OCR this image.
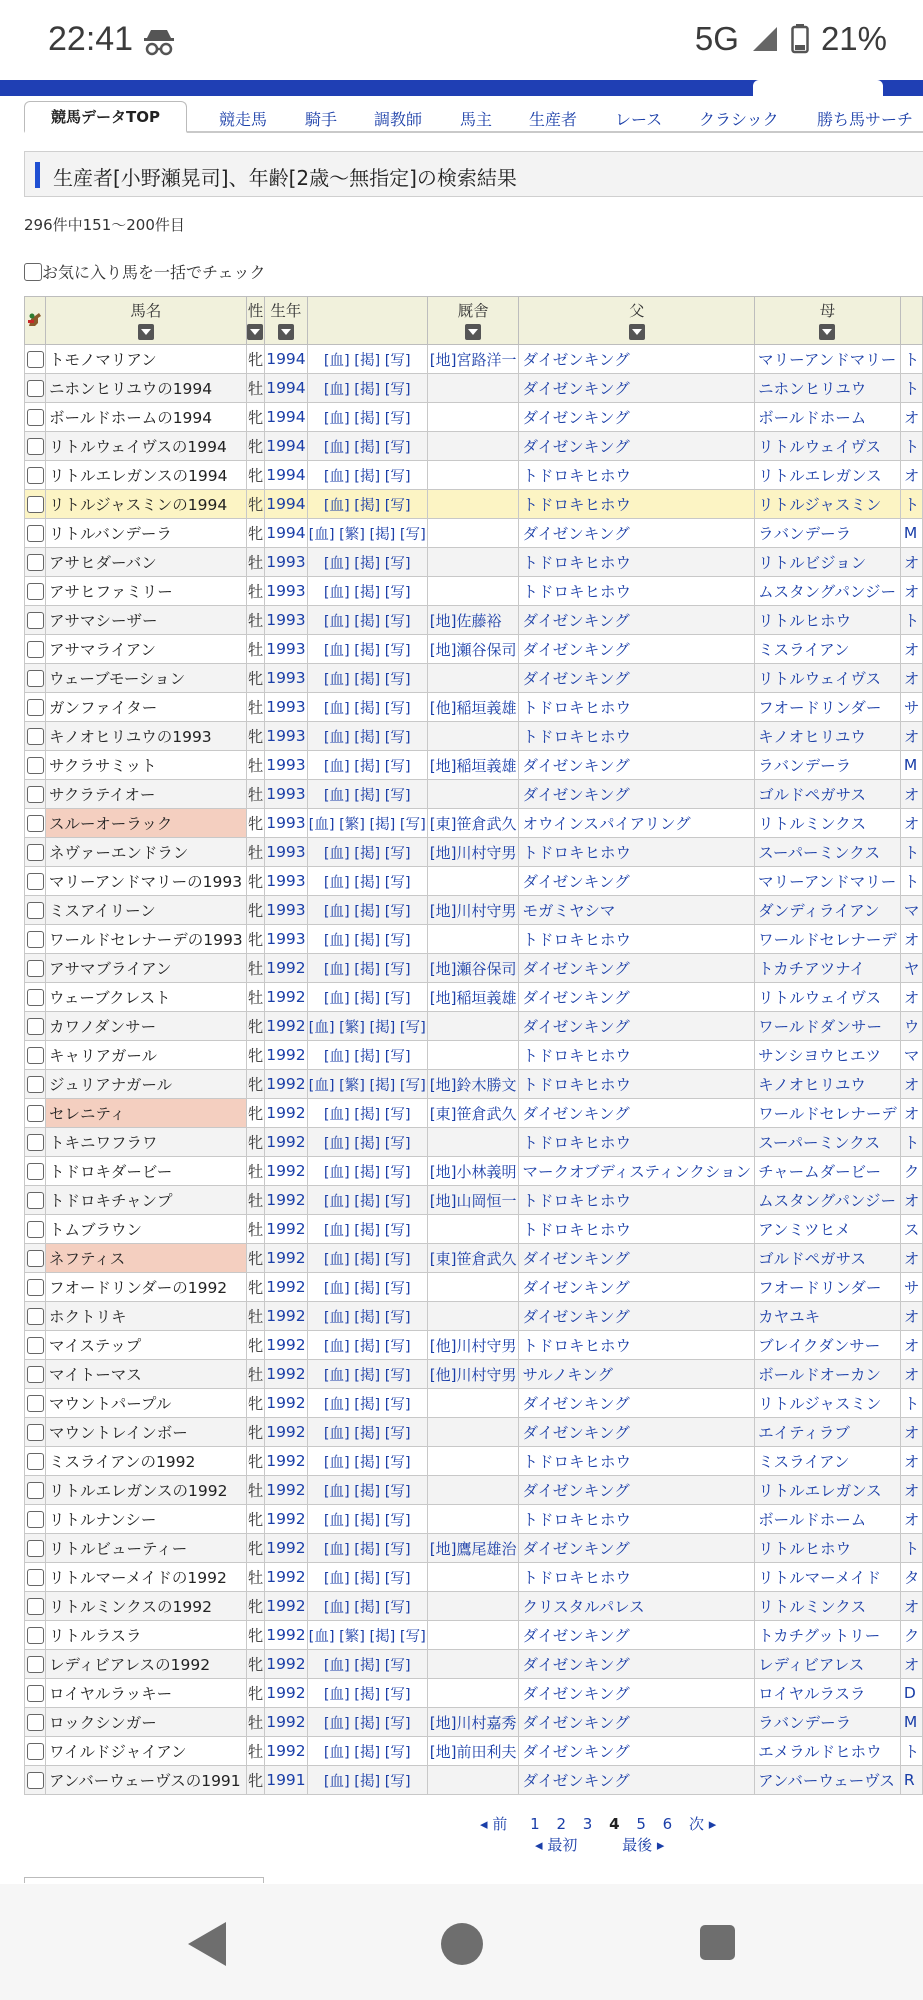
22:41	5G 21%
競馬データTOP	競走馬 騎手 調教師 馬主 生産者 レース クラシック 勝ち馬サーチ
生産者[小野瀬晃司]、年齢[2歳～無指定]の検索結果
296件中151～200件目
お気に入り馬を一括でチェック

馬名	性	生年		厩舎	父	母	

	トモノマリアン	牝	1994	[血] [掲] [写]	[地]宮路洋一	ダイゼンキング	マリーアンドマリー	ト
	ニホンヒリユウの1994	牡	1994	[血] [掲] [写]		ダイゼンキング	ニホンヒリユウ	ト
	ボールドホームの1994	牝	1994	[血] [掲] [写]		ダイゼンキング	ボールドホーム	オ
	リトルウェイヴスの1994	牝	1994	[血] [掲] [写]		ダイゼンキング	リトルウェイヴス	ト
	リトルエレガンスの1994	牝	1994	[血] [掲] [写]		トドロキヒホウ	リトルエレガンス	オ
	リトルジャスミンの1994	牝	1994	[血] [掲] [写]		トドロキヒホウ	リトルジャスミン	ト
	リトルバンデーラ	牝	1994	[血] [繁] [掲] [写]		ダイゼンキング	ラバンデーラ	M
	アサヒダーバン	牡	1993	[血] [掲] [写]		トドロキヒホウ	リトルビジョン	オ
	アサヒファミリー	牡	1993	[血] [掲] [写]		トドロキヒホウ	ムスタングパンジー	オ
	アサマシーザー	牡	1993	[血] [掲] [写]	[地]佐藤裕	ダイゼンキング	リトルヒホウ	ト
	アサマライアン	牡	1993	[血] [掲] [写]	[地]瀬谷保司	ダイゼンキング	ミスライアン	オ
	ウェーブモーション	牝	1993	[血] [掲] [写]		ダイゼンキング	リトルウェイヴス	オ
	ガンファイター	牡	1993	[血] [掲] [写]	[他]稲垣義雄	トドロキヒホウ	フオードリンダー	サ
	キノオヒリユウの1993	牝	1993	[血] [掲] [写]		トドロキヒホウ	キノオヒリユウ	オ
	サクラサミット	牡	1993	[血] [掲] [写]	[地]稲垣義雄	ダイゼンキング	ラバンデーラ	M
	サクラテイオー	牡	1993	[血] [掲] [写]		ダイゼンキング	ゴルドペガサス	オ
	スルーオーラック	牝	1993	[血] [繁] [掲] [写]	[東]笹倉武久	オウインスパイアリング	リトルミンクス	オ
	ネヴァーエンドラン	牡	1993	[血] [掲] [写]	[地]川村守男	トドロキヒホウ	スーパーミンクス	ト
	マリーアンドマリーの1993	牝	1993	[血] [掲] [写]		ダイゼンキング	マリーアンドマリー	ト
	ミスアイリーン	牝	1993	[血] [掲] [写]	[地]川村守男	モガミヤシマ	ダンディライアン	マ
	ワールドセレナーデの1993	牝	1993	[血] [掲] [写]		トドロキヒホウ	ワールドセレナーデ	オ
	アサマブライアン	牡	1992	[血] [掲] [写]	[地]瀬谷保司	ダイゼンキング	トカチアツナイ	ヤ
	ウェーブクレスト	牡	1992	[血] [掲] [写]	[地]稲垣義雄	ダイゼンキング	リトルウェイヴス	オ
	カワノダンサー	牝	1992	[血] [繁] [掲] [写]		ダイゼンキング	ワールドダンサー	ウ
	キャリアガール	牝	1992	[血] [掲] [写]		トドロキヒホウ	サンシヨウヒエツ	マ
	ジュリアナガール	牝	1992	[血] [繁] [掲] [写]	[地]鈴木勝文	トドロキヒホウ	キノオヒリユウ	オ
	セレニティ	牝	1992	[血] [掲] [写]	[東]笹倉武久	ダイゼンキング	ワールドセレナーデ	オ
	トキニワフラワ	牝	1992	[血] [掲] [写]		トドロキヒホウ	スーパーミンクス	ト
	トドロキダービー	牡	1992	[血] [掲] [写]	[地]小林義明	マークオブディスティンクション	チャームダービー	ク
	トドロキチャンプ	牡	1992	[血] [掲] [写]	[地]山岡恒一	トドロキヒホウ	ムスタングパンジー	オ
	トムブラウン	牡	1992	[血] [掲] [写]		トドロキヒホウ	アンミツヒメ	ス
	ネフティス	牝	1992	[血] [掲] [写]	[東]笹倉武久	ダイゼンキング	ゴルドペガサス	オ
	フオードリンダーの1992	牝	1992	[血] [掲] [写]		ダイゼンキング	フオードリンダー	サ
	ホクトリキ	牡	1992	[血] [掲] [写]		ダイゼンキング	カヤユキ	オ
	マイステップ	牝	1992	[血] [掲] [写]	[他]川村守男	トドロキヒホウ	ブレイクダンサー	オ
	マイトーマス	牡	1992	[血] [掲] [写]	[他]川村守男	サルノキング	ボールドオーカン	オ
	マウントパープル	牝	1992	[血] [掲] [写]		ダイゼンキング	リトルジャスミン	ト
	マウントレインボー	牝	1992	[血] [掲] [写]		ダイゼンキング	エイティラブ	オ
	ミスライアンの1992	牝	1992	[血] [掲] [写]		トドロキヒホウ	ミスライアン	オ
	リトルエレガンスの1992	牡	1992	[血] [掲] [写]		ダイゼンキング	リトルエレガンス	オ
	リトルナンシー	牝	1992	[血] [掲] [写]		トドロキヒホウ	ボールドホーム	オ
	リトルビューティー	牝	1992	[血] [掲] [写]	[地]鷹尾雄治	ダイゼンキング	リトルヒホウ	ト
	リトルマーメイドの1992	牡	1992	[血] [掲] [写]		トドロキヒホウ	リトルマーメイド	タ
	リトルミンクスの1992	牝	1992	[血] [掲] [写]		クリスタルパレス	リトルミンクス	オ
	リトルラスラ	牝	1992	[血] [繁] [掲] [写]		ダイゼンキング	トカチグットリー	ク
	レディビアレスの1992	牝	1992	[血] [掲] [写]		ダイゼンキング	レディビアレス	オ
	ロイヤルラッキー	牝	1992	[血] [掲] [写]		ダイゼンキング	ロイヤルラスラ	D
	ロックシンガー	牡	1992	[血] [掲] [写]	[地]川村嘉秀	ダイゼンキング	ラバンデーラ	M
	ワイルドジャイアン	牡	1992	[血] [掲] [写]	[地]前田利夫	ダイゼンキング	エメラルドヒホウ	ト
	アンバーウェーヴスの1991	牝	1991	[血] [掲] [写]		ダイゼンキング	アンバーウェーヴス	R
◂ 前 1 2 3 4 5 6 次 ▸
◂ 最初	最後 ▸
